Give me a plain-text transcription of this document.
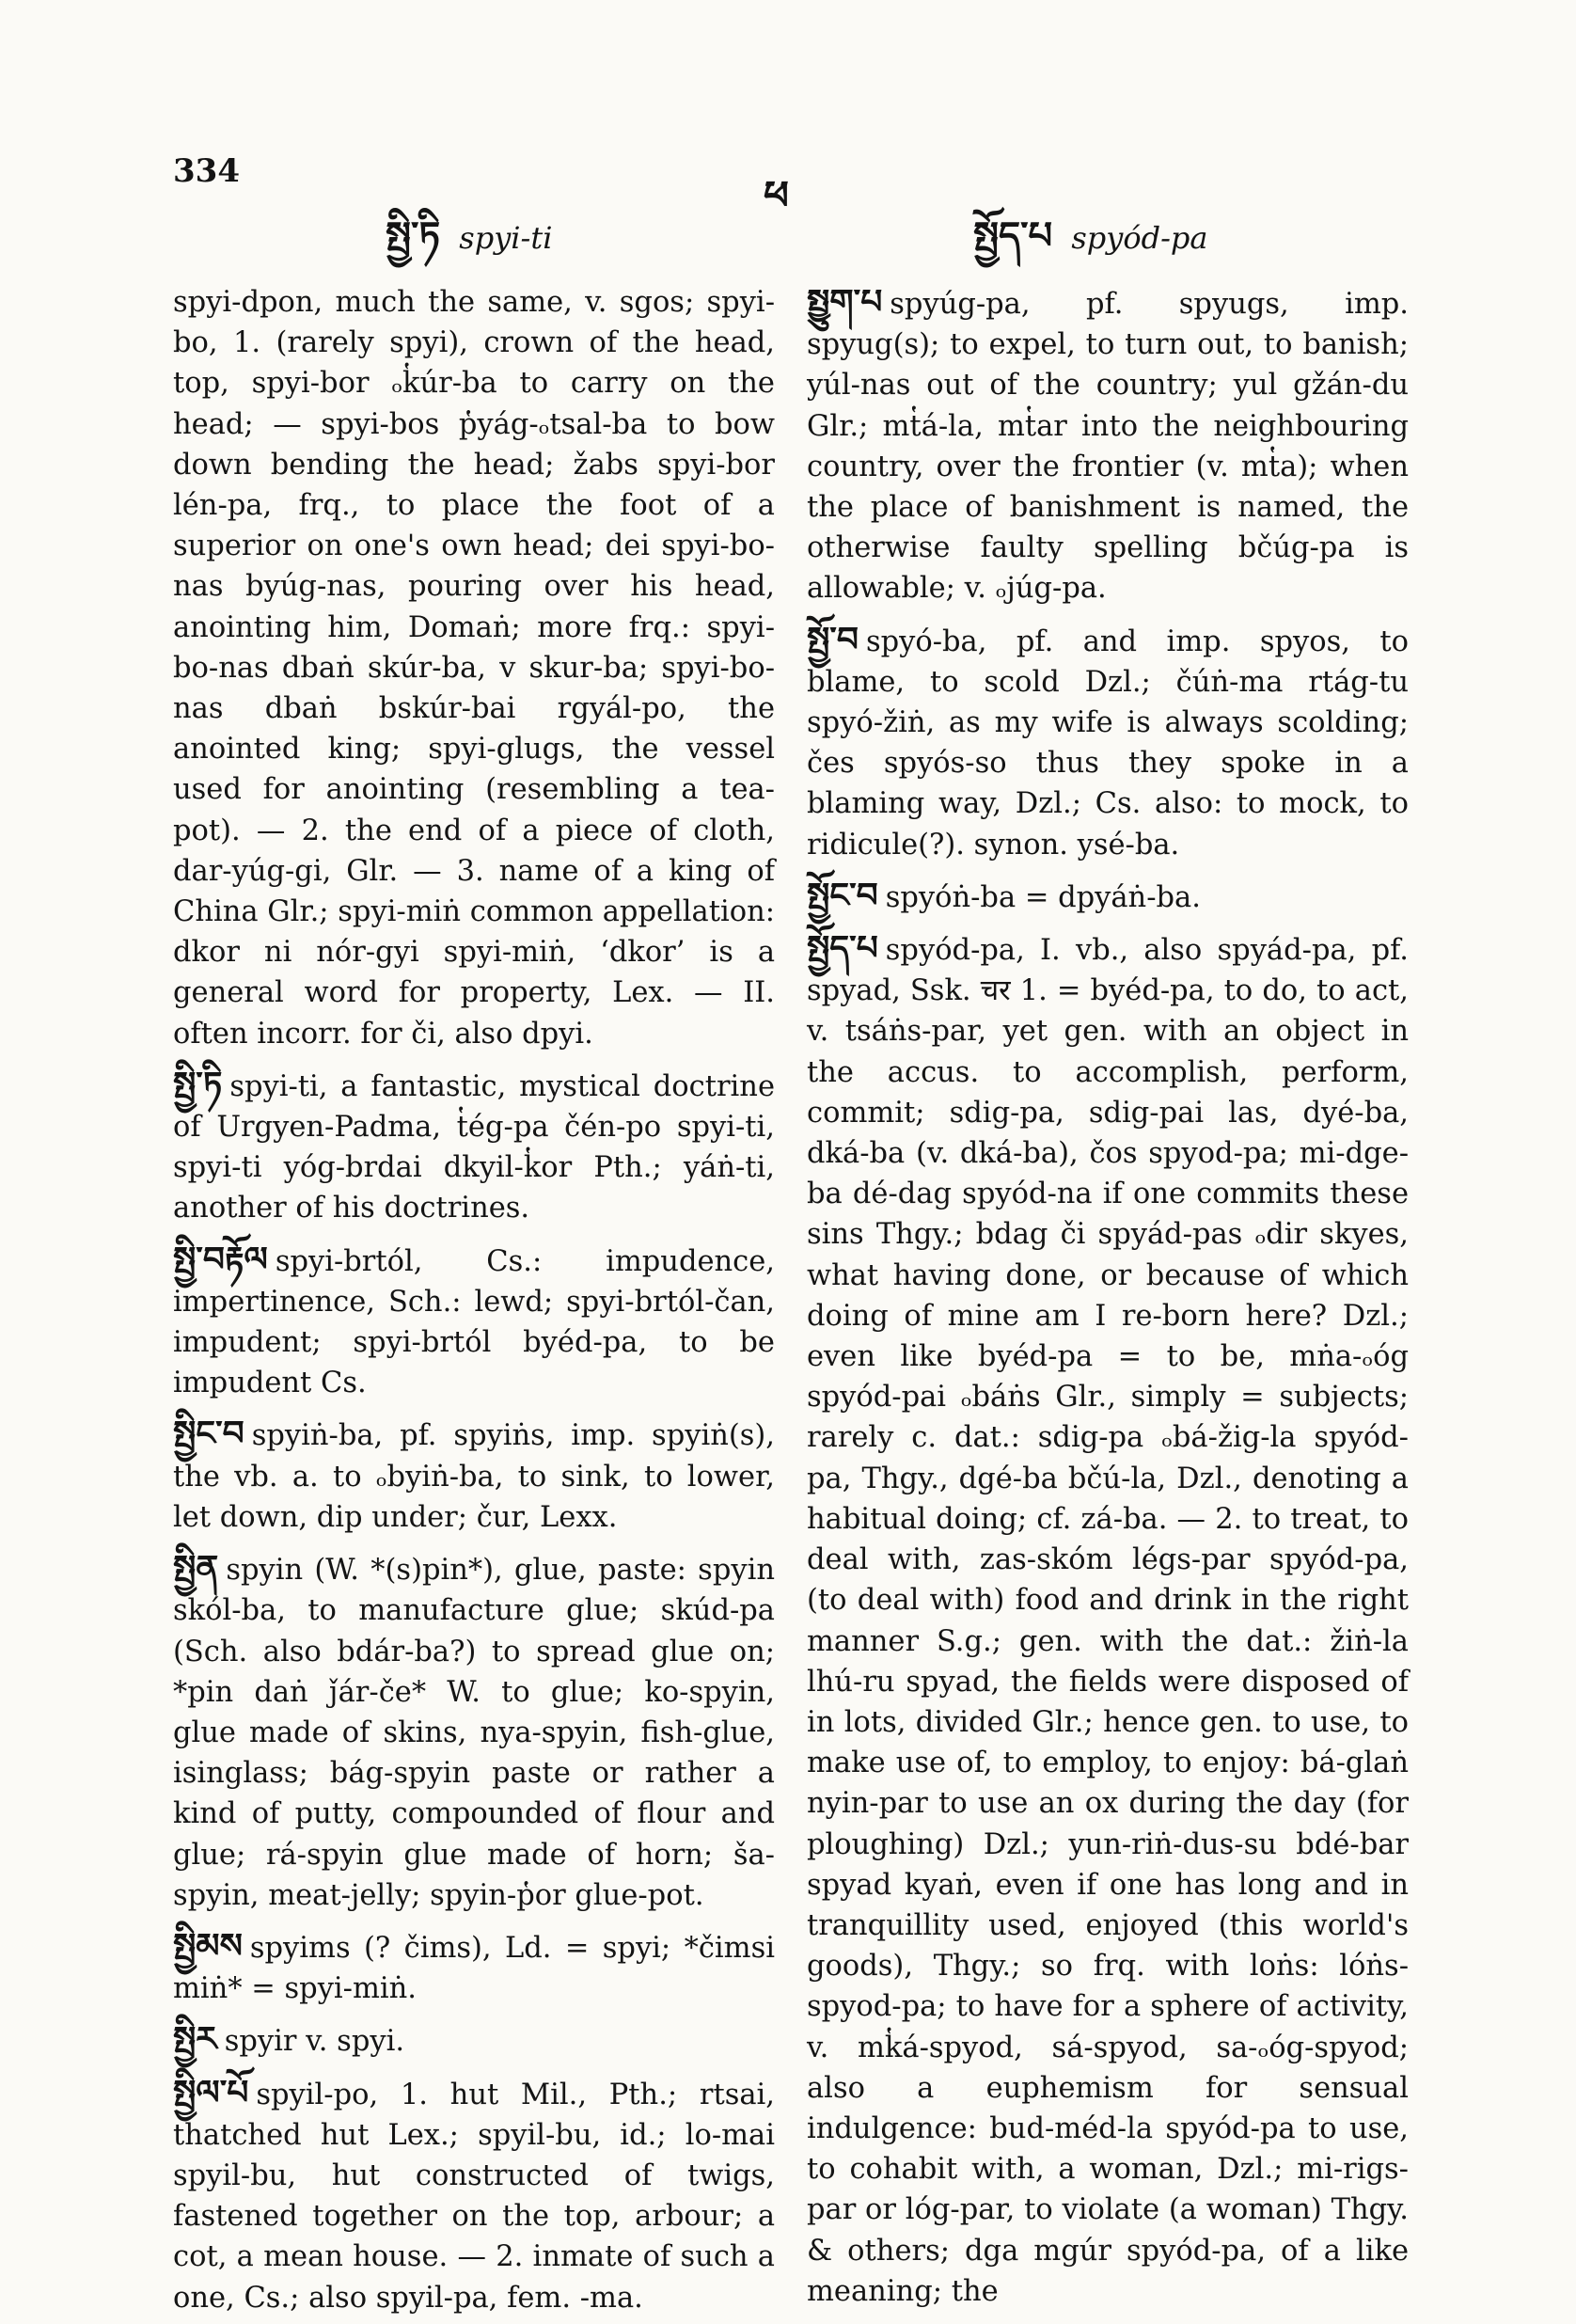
334
ཕ
སྤྱི་ཏི spyi-ti	སྤྱོད་པ spyód-pa

spyi-dpon, much the same, v. sgos; spyi-bo, 1. (rarely spyi), crown of the head, top, spyi-bor ₒk̔úr-ba to carry on the head; — spyi-bos p̔yág-ₒtsal-ba to bow down bending the head; žabs spyi-bor lén-pa, frq., to place the foot of a superior on one's own head; dei spyi-bo-nas byúg-nas, pouring over his head, anointing him, Domaṅ; more frq.: spyi-bo-nas dbaṅ skúr-ba, v skur-ba; spyi-bo-nas dbaṅ bskúr-bai rgyál-po, the anointed king; spyi-glugs, the vessel used for anointing (resembling a tea-pot). — 2. the end of a piece of cloth, dar-yúg-gi, Glr. — 3. name of a king of China Glr.; spyi-miṅ common appellation: dkor ni nór-gyi spyi-miṅ, ‘dkor’ is a general word for property, Lex. — II. often incorr. for či, also dpyi.

སྤྱི་ཏི spyi-ti, a fantastic, mystical doctrine of Urgyen-Padma, t̔ég-pa čén-po spyi-ti, spyi-ti yóg-brdai dkyil-k̔or Pth.; yáṅ-ti, another of his doctrines.

སྤྱི་བརྟོལ spyi-brtól, Cs.: impudence, impertinence, Sch.: lewd; spyi-brtól-čan, impudent; spyi-brtól byéd-pa, to be impudent Cs.

སྤྱིང་བ spyiṅ-ba, pf. spyiṅs, imp. spyiṅ(s), the vb. a. to ₒbyiṅ-ba, to sink, to lower, let down, dip under; čur, Lexx.

སྤྱིན spyin (W. *(s)pin*), glue, paste: spyin skól-ba, to manufacture glue; skúd-pa (Sch. also bdár-ba?) to spread glue on; *pin daṅ ǰár-če* W. to glue; ko-spyin, glue made of skins, nya-spyin, fish-glue, isinglass; bág-spyin paste or rather a kind of putty, compounded of flour and glue; rá-spyin glue made of horn; ša-spyin, meat-jelly; spyin-p̔or glue-pot.

སྤྱིམས spyims (? čims), Ld. = spyi; *čimsi miṅ* = spyi-miṅ.

སྤྱིར spyir v. spyi.

སྤྱིལ་པོ spyil-po, 1. hut Mil., Pth.; rtsai, thatched hut Lex.; spyil-bu, id.; lo-mai spyil-bu, hut constructed of twigs, fastened together on the top, arbour; a cot, a mean house. — 2. inmate of such a one, Cs.; also spyil-pa, fem. -ma.

སྤྱུག་པ spyúg-pa, pf. spyugs, imp. spyug(s); to expel, to turn out, to banish; yúl-nas out of the country; yul gžán-du Glr.; mt̔á-la, mt̔ar into the neighbouring country, over the frontier (v. mt̔a); when the place of banishment is named, the otherwise faulty spelling bčúg-pa is allowable; v. ₒjúg-pa.

སྤྱོ་བ spyó-ba, pf. and imp. spyos, to blame, to scold Dzl.; čúṅ-ma rtág-tu spyó-žiṅ, as my wife is always scolding; čes spyós-so thus they spoke in a blaming way, Dzl.; Cs. also: to mock, to ridicule(?). synon. ysé-ba.

སྤྱོང་བ spyóṅ-ba = dpyáṅ-ba.

སྤྱོད་པ spyód-pa, I. vb., also spyád-pa, pf. spyad, Ssk. चर 1. = byéd-pa, to do, to act, v. tsáṅs-par, yet gen. with an object in the accus. to accomplish, perform, commit; sdig-pa, sdig-pai las, dyé-ba, dká-ba (v. dká-ba), čos spyod-pa; mi-dge-ba dé-dag spyód-na if one commits these sins Thgy.; bdag či spyád-pas ₒdir skyes, what having done, or because of which doing of mine am I re-born here? Dzl.; even like byéd-pa = to be, mṅa-ₒóg spyód-pai ₒbáṅs Glr., simply = subjects; rarely c. dat.: sdig-pa ₒbá-žig-la spyód-pa, Thgy., dgé-ba bčú-la, Dzl., denoting a habitual doing; cf. zá-ba. — 2. to treat, to deal with, zas-skóm légs-par spyód-pa, (to deal with) food and drink in the right manner S.g.; gen. with the dat.: žiṅ-la lhú-ru spyad, the fields were disposed of in lots, divided Glr.; hence gen. to use, to make use of, to employ, to enjoy: bá-glaṅ nyin-par to use an ox during the day (for ploughing) Dzl.; yun-riṅ-dus-su bdé-bar spyad kyaṅ, even if one has long and in tranquillity used, enjoyed (this world's goods), Thgy.; so frq. with loṅs: lóṅs-spyod-pa; to have for a sphere of activity, v. mk̔á-spyod, sá-spyod, sa-ₒóg-spyod; also a euphemism for sensual indulgence: bud-méd-la spyód-pa to use, to cohabit with, a woman, Dzl.; mi-rigs-par or lóg-par, to violate (a woman) Thgy. & others; dga mgúr spyód-pa, of a like meaning; the
